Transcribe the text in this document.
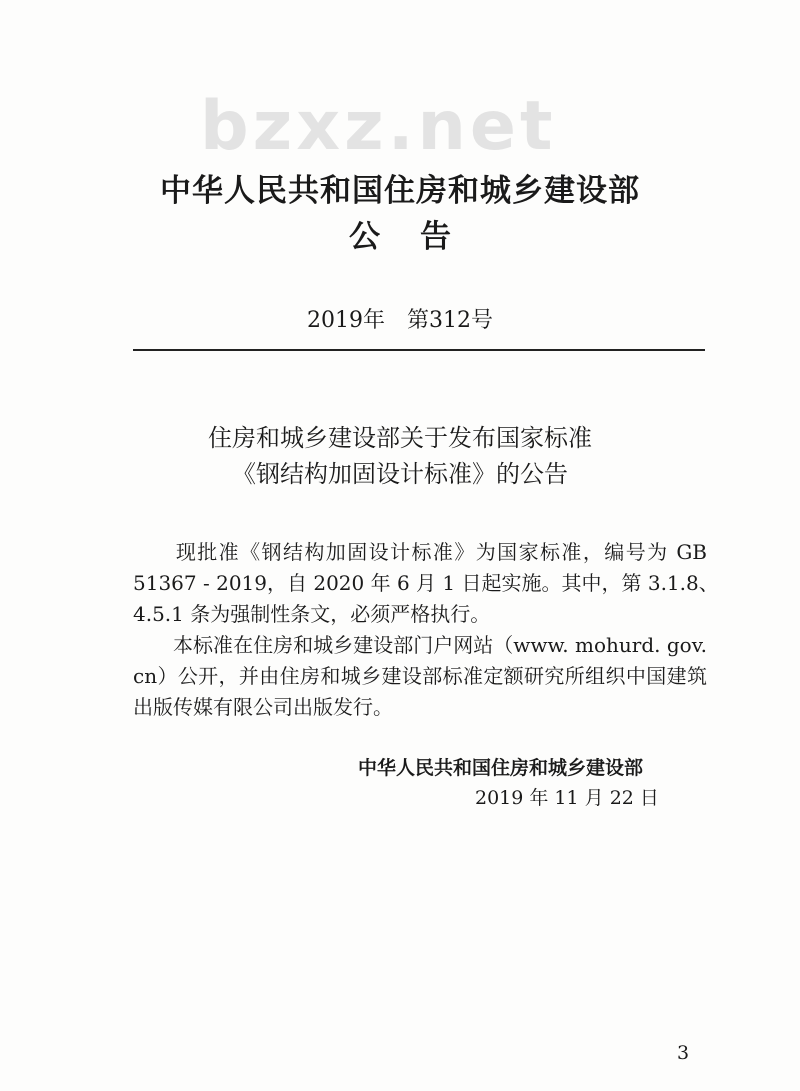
bzxz.net
中华人民共和国住房和城乡建设部
公告
2019年　第312号
住房和城乡建设部关于发布国家标准
《钢结构加固设计标准》的公告
　　现批准《钢结构加固设计标准》为国家标准，编号为 GB
51367 - 2019，自 2020 年 6 月 1 日起实施。其中，第 3.1.8、
4.5.1 条为强制性条文，必须严格执行。
　　本标准在住房和城乡建设部门户网站（www. mohurd. gov.
cn）公开，并由住房和城乡建设部标准定额研究所组织中国建筑
出版传媒有限公司出版发行。
中华人民共和国住房和城乡建设部
2019 年 11 月 22 日
3
